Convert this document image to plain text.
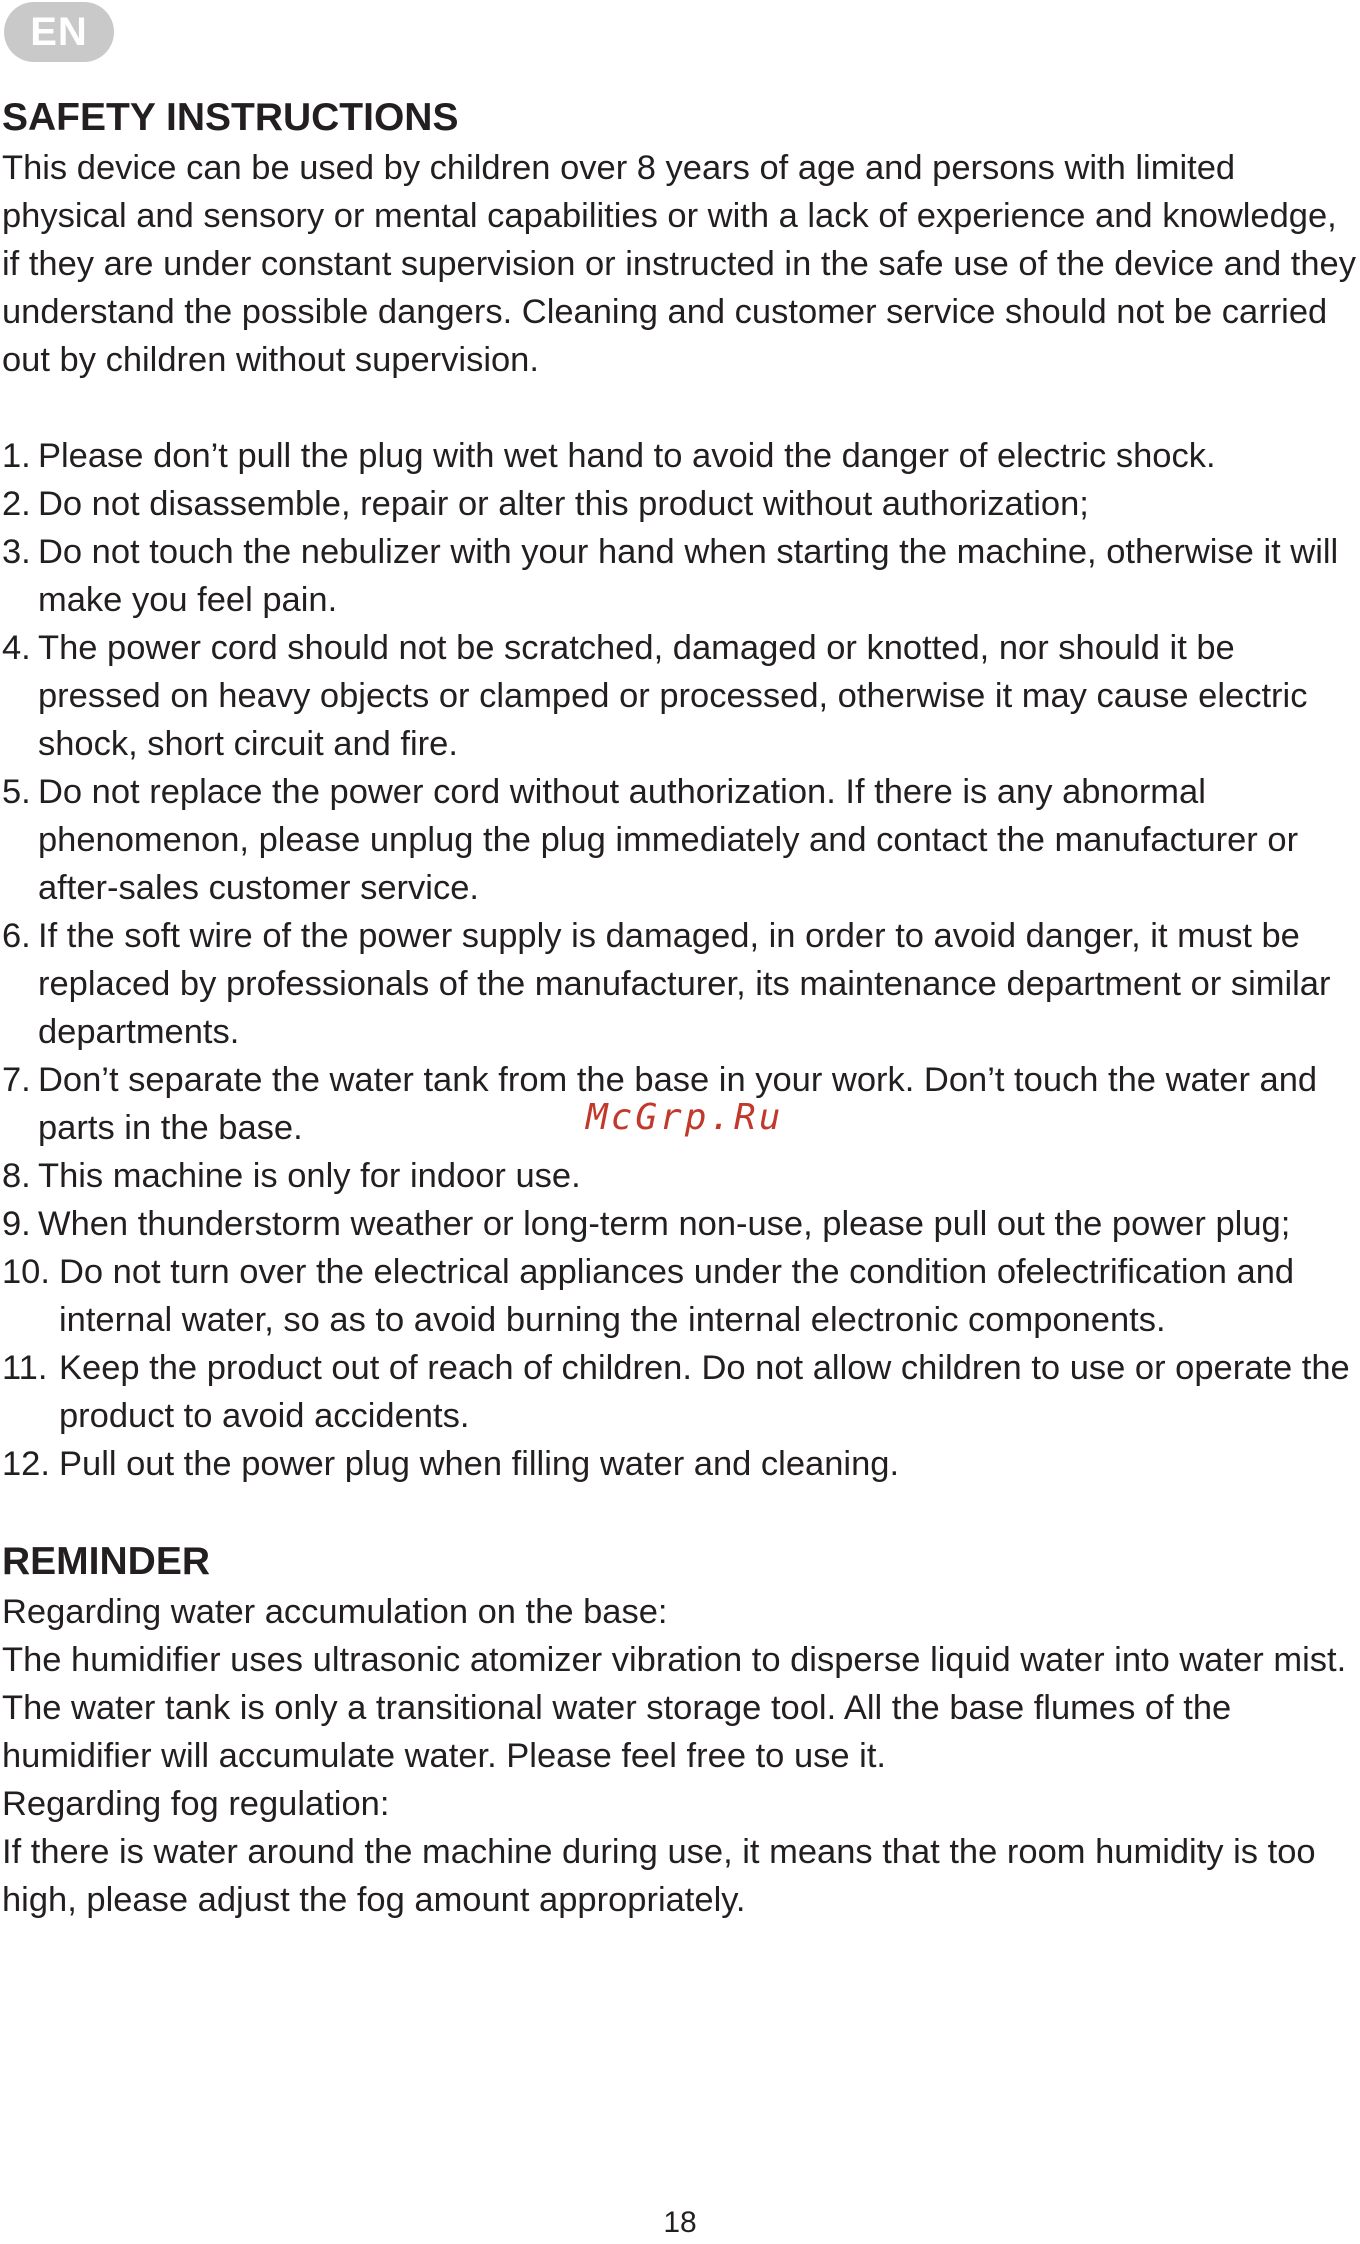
EN
SAFETY INSTRUCTIONS

This device can be used by children over 8 years of age and persons with limited physical and sensory or mental capabilities or with a lack of experience and knowledge, if they are under constant supervision or instructed in the safe use of the device and they understand the possible dangers. Cleaning and customer service should not be carried out by children without supervision.

1. Please don’t pull the plug with wet hand to avoid the danger of electric shock.
2. Do not disassemble, repair or alter this product without authorization;
3. Do not touch the nebulizer with your hand when starting the machine, otherwise it will make you feel pain.
4. The power cord should not be scratched, damaged or knotted, nor should it be pressed on heavy objects or clamped or processed, otherwise it may cause electric shock, short circuit and fire.
5. Do not replace the power cord without authorization. If there is any abnormal phenomenon, please unplug the plug immediately and contact the manufacturer or after-sales customer service.
6. If the soft wire of the power supply is damaged, in order to avoid danger, it must be replaced by professionals of the manufacturer, its maintenance department or similar departments.
7. Don’t separate the water tank from the base in your work. Don’t touch the water and parts in the base.
8. This machine is only for indoor use.
9. When thunderstorm weather or long-term non-use, please pull out the power plug;
10. Do not turn over the electrical appliances under the condition ofelectrification and internal water, so as to avoid burning the internal electronic components.
11. Keep the product out of reach of children. Do not allow children to use or operate the product to avoid accidents.
12. Pull out the power plug when filling water and cleaning.
REMINDER

Regarding water accumulation on the base:

The humidifier uses ultrasonic atomizer vibration to disperse liquid water into water mist. The water tank is only a transitional water storage tool. All the base flumes of the humidifier will accumulate water. Please feel free to use it.

Regarding fog regulation:

If there is water around the machine during use, it means that the room humidity is too high, please adjust the fog amount appropriately.

McGrp.Ru
18
